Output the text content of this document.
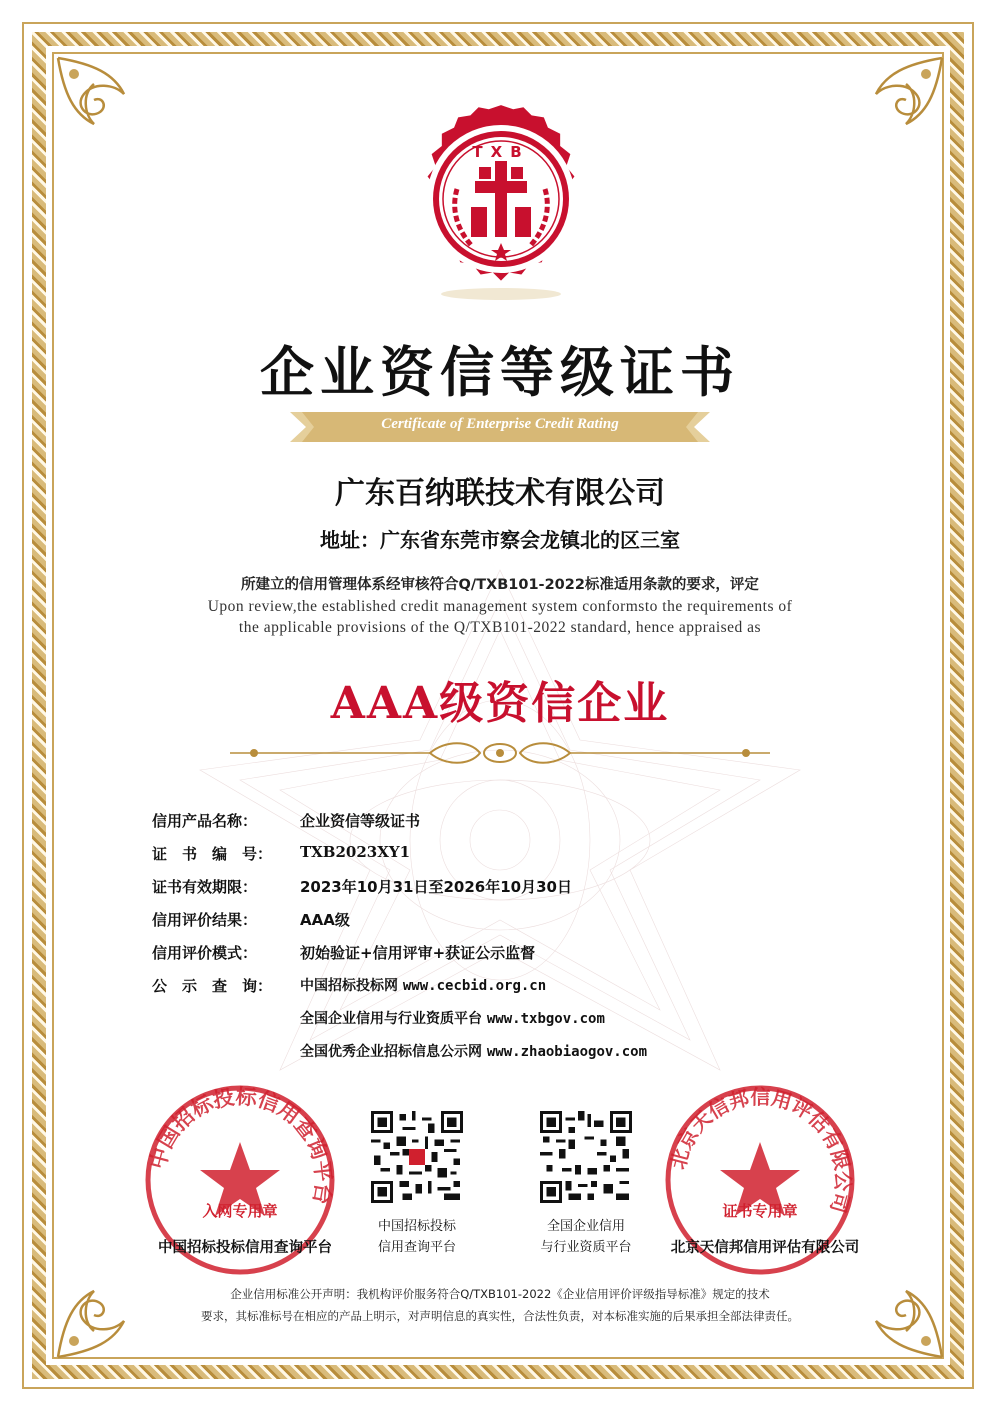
TXB
企业资信等级证书
Certificate of Enterprise Credit Rating
广东百纳联技术有限公司
地址：广东省东莞市察会龙镇北的区三室
所建立的信用管理体系经审核符合Q/TXB101-2022标准适用条款的要求，评定
Upon review,the established credit management system conformsto the requirements of
the applicable provisions of the Q/TXB101-2022 standard, hence appraised as
AAA级资信企业
信用产品名称：	企业资信等级证书
证　书　编　号：	TXB2023XY1
证书有效期限：	2023年10月31日至2026年10月30日
信用评价结果：	AAA级
信用评价模式：	初始验证+信用评审+获证公示监督
公　示　查　询：	中国招标投标网 www.cecbid.org.cn
全国企业信用与行业资质平台 www.txbgov.com
全国优秀企业招标信息公示网 www.zhaobiaogov.com
中国招标投标信用查询平台
入网专用章
中国招标投标信用查询平台
中国招标投标
信用查询平台
全国企业信用
与行业资质平台
北京天信邦信用评估有限公司
证书专用章
北京天信邦信用评估有限公司
企业信用标准公开声明：我机构评价服务符合Q/TXB101-2022《企业信用评价评级指导标准》规定的技术
要求，其标准标号在相应的产品上明示，对声明信息的真实性，合法性负责，对本标准实施的后果承担全部法律责任。
